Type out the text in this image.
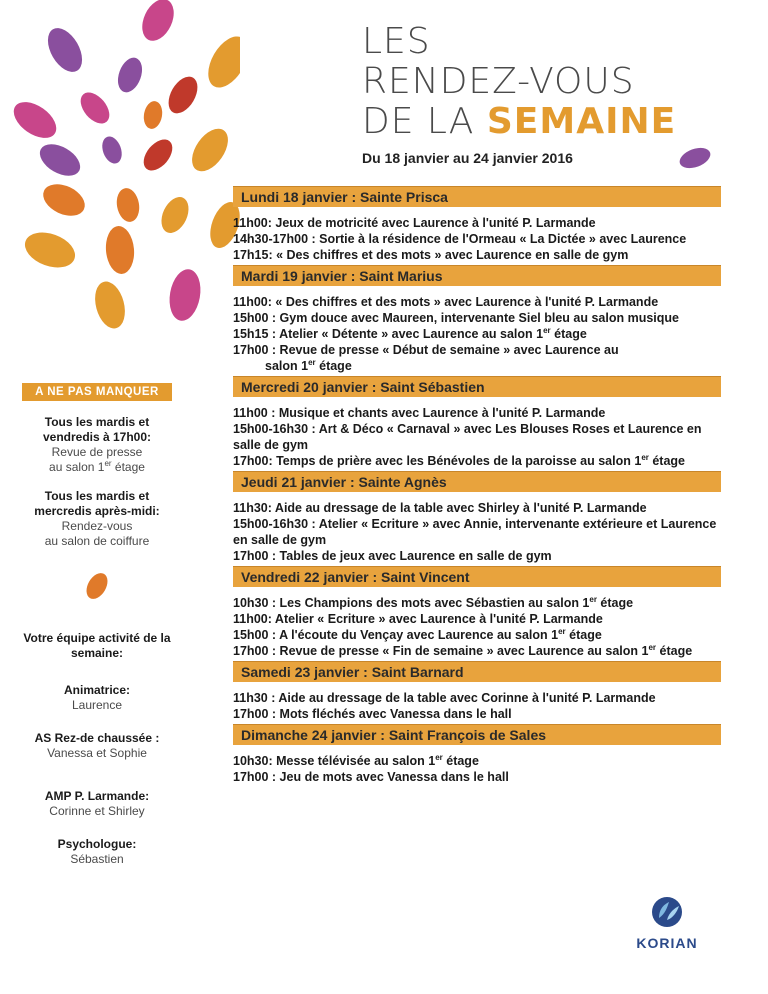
LES
RENDEZ-VOUS
DE LA SEMAINE
Du 18 janvier au 24 janvier 2016
Lundi 18 janvier : Sainte Prisca
11h00: Jeux de motricité avec Laurence à l'unité P. Larmande
14h30-17h00 : Sortie à la résidence de l'Ormeau « La Dictée » avec Laurence
17h15: « Des chiffres et des mots » avec Laurence en salle de gym
Mardi 19 janvier : Saint Marius
11h00: « Des chiffres et des mots » avec Laurence à l'unité P. Larmande
15h00 : Gym douce avec Maureen, intervenante Siel bleu au salon musique
15h15 : Atelier « Détente » avec Laurence au salon 1er étage
17h00 : Revue de presse « Début de semaine » avec Laurence au
salon 1er étage
Mercredi 20 janvier : Saint Sébastien
11h00 : Musique et chants avec Laurence à l'unité P. Larmande
15h00-16h30 : Art & Déco « Carnaval » avec Les Blouses Roses et Laurence en salle de gym
17h00: Temps de prière avec les Bénévoles de la paroisse au salon 1er étage
Jeudi 21 janvier : Sainte Agnès
11h30: Aide au dressage de la table avec Shirley à l'unité P. Larmande
15h00-16h30 : Atelier « Ecriture » avec Annie, intervenante extérieure et Laurence en salle de gym
17h00 : Tables de jeux avec Laurence en salle de gym
Vendredi 22 janvier : Saint Vincent
10h30 : Les Champions des mots avec Sébastien au salon 1er étage
11h00: Atelier « Ecriture » avec Laurence à l'unité P. Larmande
15h00 : A l'écoute du Vençay avec Laurence au salon 1er étage
17h00 : Revue de presse « Fin de semaine » avec Laurence au salon 1er étage
Samedi 23 janvier : Saint Barnard
11h30 : Aide au dressage de la table avec Corinne à l'unité P. Larmande
17h00 : Mots fléchés avec Vanessa dans le hall
Dimanche 24 janvier : Saint François de Sales
10h30: Messe télévisée au salon 1er étage
17h00 : Jeu de mots avec Vanessa dans le hall
A NE PAS MANQUER
Tous les mardis et vendredis à 17h00:
Revue de presse
au salon 1er étage
Tous les mardis et mercredis après-midi:
Rendez-vous
au salon de coiffure
Votre équipe activité de la semaine:
Animatrice:
Laurence
AS Rez-de chaussée :
Vanessa et Sophie
AMP P. Larmande:
Corinne et Shirley
Psychologue:
Sébastien
KORIAN
